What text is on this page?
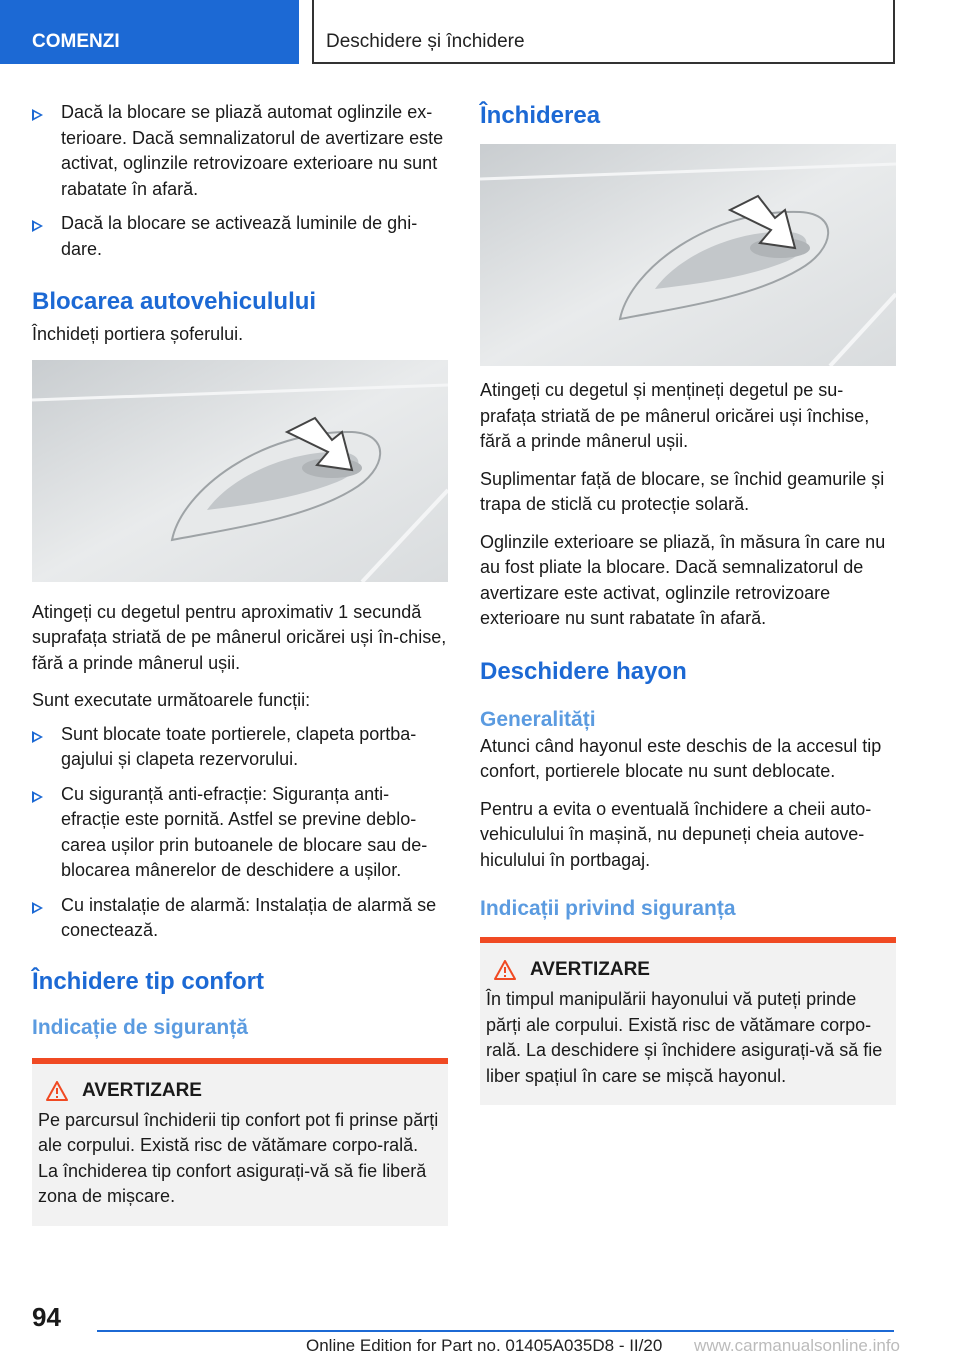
COMENZI	Deschidere și închidere
Dacă la blocare se pliază automat oglinzile ex-terioare. Dacă semnalizatorul de avertizare este activat, oglinzile retrovizoare exterioare nu sunt rabatate în afară.
Dacă la blocare se activează luminile de ghi-dare.
Blocarea autovehiculului

Închideți portiera șoferului.

Atingeți cu degetul pentru aproximativ 1 secundă suprafața striată de pe mânerul oricărei uși în-chise, fără a prinde mânerul ușii.

Sunt executate următoarele funcții:

Sunt blocate toate portierele, clapeta portba-gajului și clapeta rezervorului.
Cu siguranță anti-efracție: Siguranța anti-efracție este pornită. Astfel se previne deblo-carea ușilor prin butoanele de blocare sau de-blocarea mânerelor de deschidere a ușilor.
Cu instalație de alarmă: Instalația de alarmă se conectează.
Închidere tip confort
Indicație de siguranță
AVERTIZARE

Pe parcursul închiderii tip confort pot fi prinse părți ale corpului. Există risc de vătămare corpo-rală. La închiderea tip confort asigurați-vă să fie liberă zona de mișcare.

Închiderea

Atingeți cu degetul și mențineți degetul pe su-prafața striată de pe mânerul oricărei uși închise, fără a prinde mânerul ușii.

Suplimentar față de blocare, se închid geamurile și trapa de sticlă cu protecție solară.

Oglinzile exterioare se pliază, în măsura în care nu au fost pliate la blocare. Dacă semnalizatorul de avertizare este activat, oglinzile retrovizoare exterioare nu sunt rabatate în afară.

Deschidere hayon
Generalități

Atunci când hayonul este deschis de la accesul tip confort, portierele blocate nu sunt deblocate.

Pentru a evita o eventuală închidere a cheii auto-vehiculului în mașină, nu depuneți cheia autove-hiculului în portbagaj.

Indicații privind siguranța
AVERTIZARE

În timpul manipulării hayonului vă puteți prinde părți ale corpului. Există risc de vătămare corpo-rală. La deschidere și închidere asigurați-vă să fie liber spațiul în care se mișcă hayonul.

94
Online Edition for Part no. 01405A035D8 - II/20 www.carmanualsonline.info
